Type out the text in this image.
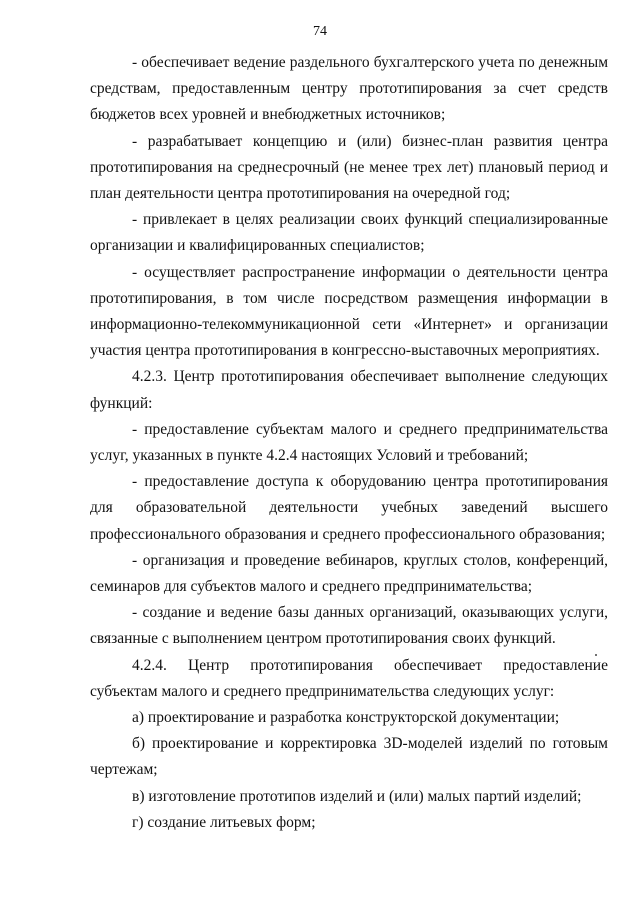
74

- обеспечивает ведение раздельного бухгалтерского учета по денежным средствам, предоставленным центру прототипирования за счет средств бюджетов всех уровней и внебюджетных источников;

- разрабатывает концепцию и (или) бизнес-план развития центра прототипирования на среднесрочный (не менее трех лет) плановый период и план деятельности центра прототипирования на очередной год;

- привлекает в целях реализации своих функций специализированные организации и квалифицированных специалистов;

- осуществляет распространение информации о деятельности центра прототипирования, в том числе посредством размещения информации в информационно-телекоммуникационной сети «Интернет» и организации участия центра прототипирования в конгрессно-выставочных мероприятиях.

4.2.3. Центр прототипирования обеспечивает выполнение следующих функций:

- предоставление субъектам малого и среднего предпринимательства услуг, указанных в пункте 4.2.4 настоящих Условий и требований;

- предоставление доступа к оборудованию центра прототипирования для образовательной деятельности учебных заведений высшего профессионального образования и среднего профессионального образования;

- организация и проведение вебинаров, круглых столов, конференций, семинаров для субъектов малого и среднего предпринимательства;

- создание и ведение базы данных организаций, оказывающих услуги, связанные с выполнением центром прототипирования своих функций.

4.2.4. Центр прототипирования обеспечивает предоставление субъектам малого и среднего предпринимательства следующих услуг:

а) проектирование и разработка конструкторской документации;

б) проектирование и корректировка 3D-моделей изделий по готовым чертежам;

в) изготовление прототипов изделий и (или) малых партий изделий;

г) создание литьевых форм;
